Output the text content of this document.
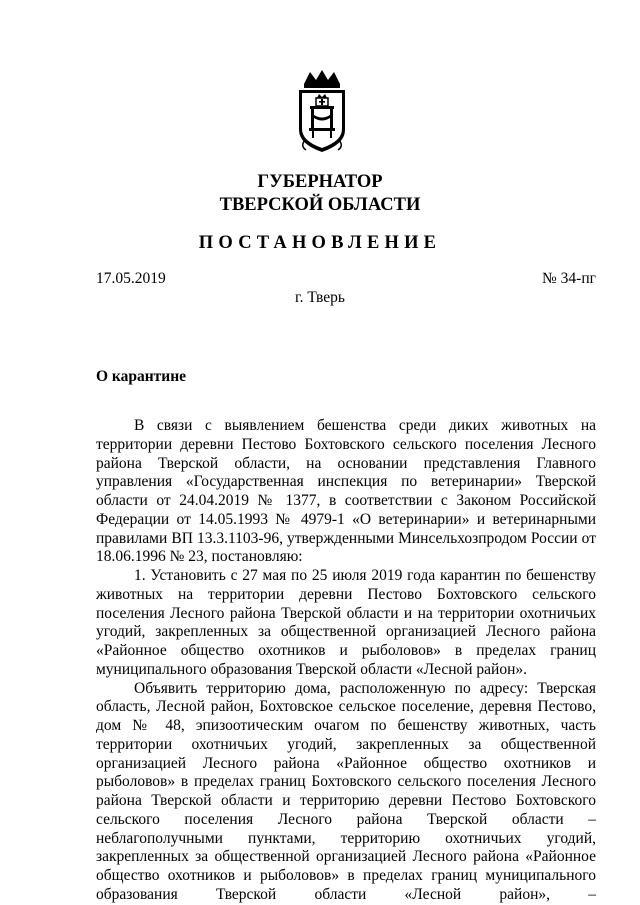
ГУБЕРНАТОР
ТВЕРСКОЙ ОБЛАСТИ
ПОСТАНОВЛЕНИЕ
17.05.2019	№ 34-пг
г. Тверь
О карантине

В связи с выявлением бешенства среди диких животных на территории деревни Пестово Бохтовского сельского поселения Лесного района Тверской области, на основании представления Главного управления «Государственная инспекция по ветеринарии» Тверской области от 24.04.2019 № 1377, в соответствии с Законом Российской Федерации от 14.05.1993 № 4979-1 «О ветеринарии» и ветеринарными правилами ВП 13.3.1103-96, утвержденными Минсельхозпродом России от 18.06.1996 № 23, постановляю:

1. Установить с 27 мая по 25 июля 2019 года карантин по бешенству животных на территории деревни Пестово Бохтовского сельского поселения Лесного района Тверской области и на территории охотничьих угодий, закрепленных за общественной организацией Лесного района «Районное общество охотников и рыболовов» в пределах границ муниципального образования Тверской области «Лесной район».

Объявить территорию дома, расположенную по адресу: Тверская область, Лесной район, Бохтовское сельское поселение, деревня Пестово, дом № 48, эпизоотическим очагом по бешенству животных, часть территории охотничьих угодий, закрепленных за общественной организацией Лесного района «Районное общество охотников и рыболовов» в пределах границ Бохтовского сельского поселения Лесного района Тверской области и территорию деревни Пестово Бохтовского сельского поселения Лесного района Тверской области – неблагополучными пунктами, территорию охотничьих угодий, закрепленных за общественной организацией Лесного района «Районное общество охотников и рыболовов» в пределах границ муниципального образования Тверской области «Лесной район», –
